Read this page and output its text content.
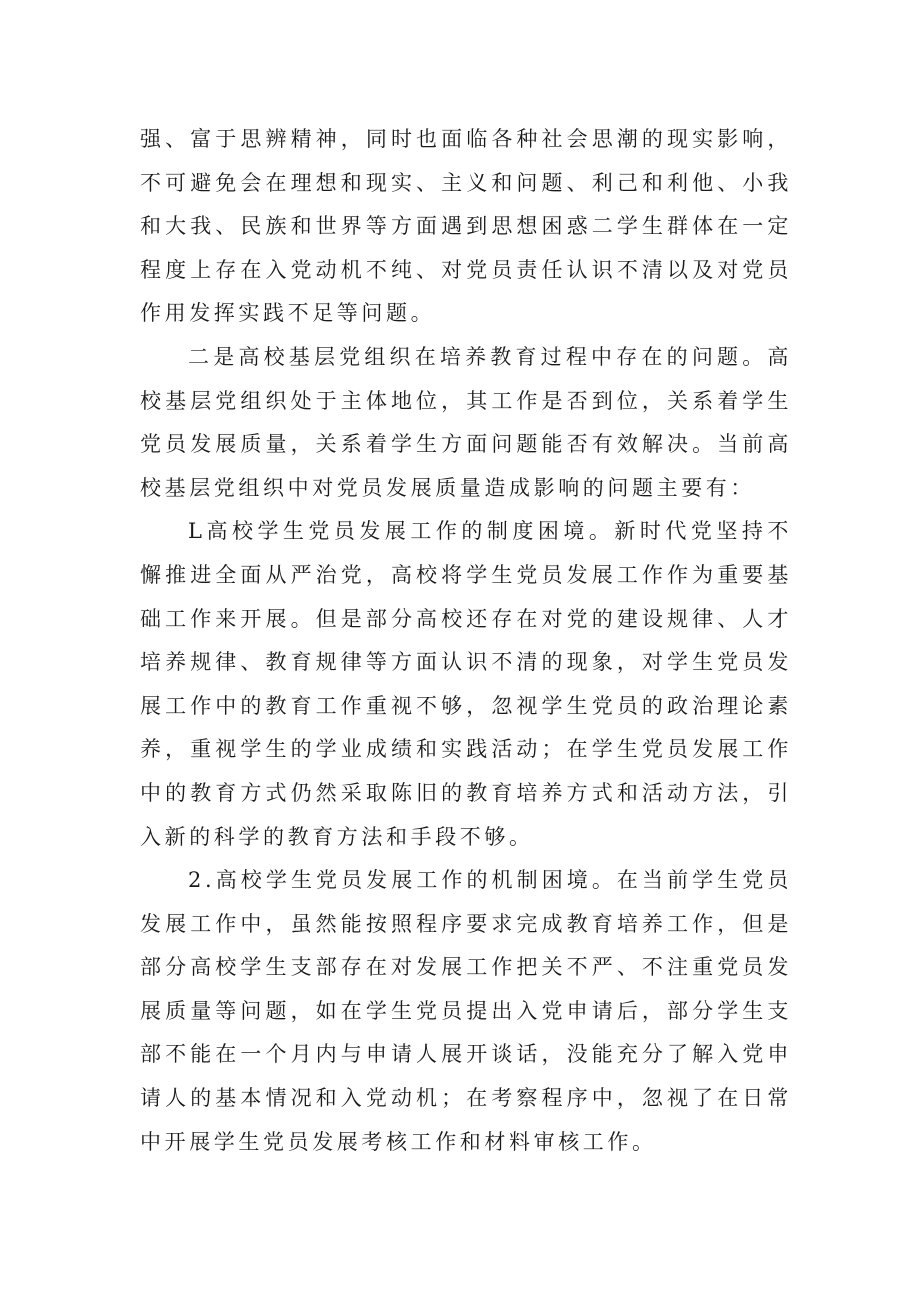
强、富于思辨精神，同时也面临各种社会思潮的现实影响，不可避免会在理想和现实、主义和问题、利己和利他、小我和大我、民族和世界等方面遇到思想困惑二学生群体在一定程度上存在入党动机不纯、对党员责任认识不清以及对党员作用发挥实践不足等问题。

二是高校基层党组织在培养教育过程中存在的问题。高校基层党组织处于主体地位，其工作是否到位，关系着学生党员发展质量，关系着学生方面问题能否有效解决。当前高校基层党组织中对党员发展质量造成影响的问题主要有：

L高校学生党员发展工作的制度困境。新时代党坚持不懈推进全面从严治党，高校将学生党员发展工作作为重要基础工作来开展。但是部分高校还存在对党的建设规律、人才培养规律、教育规律等方面认识不清的现象，对学生党员发展工作中的教育工作重视不够，忽视学生党员的政治理论素养，重视学生的学业成绩和实践活动；在学生党员发展工作中的教育方式仍然采取陈旧的教育培养方式和活动方法，引入新的科学的教育方法和手段不够。

2.高校学生党员发展工作的机制困境。在当前学生党员发展工作中，虽然能按照程序要求完成教育培养工作，但是部分高校学生支部存在对发展工作把关不严、不注重党员发展质量等问题，如在学生党员提出入党申请后，部分学生支部不能在一个月内与申请人展开谈话，没能充分了解入党申请人的基本情况和入党动机；在考察程序中，忽视了在日常中开展学生党员发展考核工作和材料审核工作。
